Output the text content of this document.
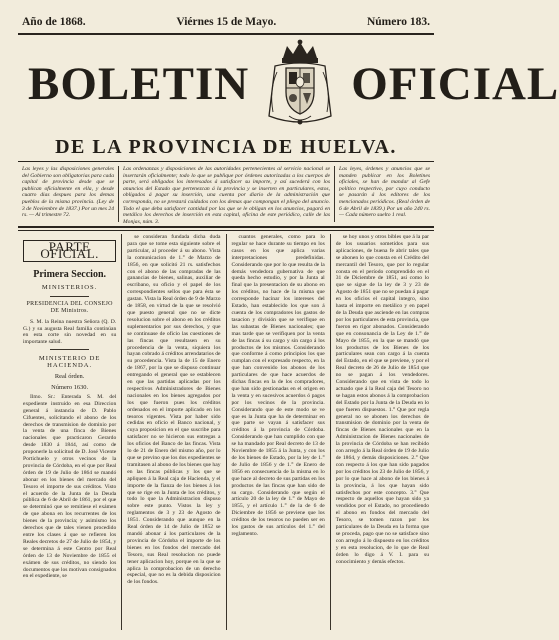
Año de 1868.	Viérnes 15 de Mayo.	Número 183.
BOLETIN OFICIAL
DE LA PROVINCIA DE HUELVA.
Las leyes y las disposiciones generales del Gobierno son obligatorias para cada capital de provincia desde que se publican oficialmente en ella, y desde cuatro dias despues para los demas pueblos de la misma provincia. (Ley de 3 de Noviembre de 1837.) Por un mes 24 rs. — Al trimestre 72.
Las ordenanzas y disposiciones de las autoridades pertenecientes al servicio nacional se insertarán oficialmente; todo lo que se publique por órdenes autorizadas a los cuerpos de parte, será obligados los interesados á satisfacer su importe, y así sucederá con los anuncios del Estado que pertenezcan á la provincia y se inserten en particulares, estos, obligados á pagar su inserción, una cuenta por diario de la administración que corresponda, no se prestará cuidados con los demas que compongan el pliego del anuncio. Todo el que deba satisfacer cantidad por las que se le obligan en los anuncios, pagará en metálico los derechos de inserción en esta capital, oficina de este periódico, calle de las Monjas, núm. 3.
Las leyes, órdenes y anuncios que se manden publicar en los Boletines oficiales, se han de mandar al Gefe político respectivo, por cuyo conducto se pasarán á los editores de los mencionados periódicos. (Real órden de 6 de Abril de 1839.) Por un año 240 rs. — Cada número suelto 1 real.
PARTE OFICIAL.
Primera Seccion.
MINISTERIOS.
PRESIDENCIA DEL CONSEJO DE Ministros.

S. M. la Reina nuestra Señora (Q. D. G.) y su augusta Real familia continúan en esta corte sin novedad en su importante salud.

MINISTERIO DE HACIENDA.
Real órden.
Número 1630.

Ilmo. Sr.: Enterada S. M. del expediente instruido en esa Direccion general á instancia de D. Pablo Cifuentes, solicitando el abono de los derechos de transmision de dominio por la venta de una finca de Bienes nacionales que practicaron Gerardo desde 1830 á 1844, así como de proponerle la solicitud de D. José Vicente Portichuelo y otros vecinos de la provincia de Córdoba, en el que por Real órden de 19 de Julio de 1864 se mandó abonar en los bienes del mercado del Tesoro el importe de sus créditos. Visto el acuerdo de la Junta de la Deuda pública de 6 de Abril de 1861, por el que se determinó que se remitiese el exámen de que abona en los recurrentes de los bienes de la provincia; y asimismo los derechos que de tales vienen procedido entre los clases á que se refieren los Reales decretos de 27 de Julio de 1854, y se determina á este Centro por Real órden de 13 de Noviembre de 1855 el exámen de sus créditos, no siendo los documentos que los motivan consignados en el expediente, se

se consideran fundada dicha duda para que se tome esta siguiente sobre el particular, al proceder á su abono. Vista la comunicacion de 1.° de Marzo de 1856, en que solicitó 21 rs. satisfechos con el abono de las compradas de las ganancias de bienes, salinas, auxiliar de escribano, su oficio y el papel de los correspondientes sellos que para ésta se gastan. Vista la Real órden de 9 de Marzo de 1858, en virtud de la que se resolvió que puesto general que no se dicte resolucion sobre el abono en los créditos suplementarios por sus derechos, y que se continuase de oficio las cuestiones de las fincas que resultasen en su procedencia de la venta, siquiera los hayan cobrado á créditos arrendatarios de su procedencia. Vista la de 15 de Enero de 1867, por la que se dispuso continuar entregando el general que se establecen en que las partidas aplicadas por los respectivos Administradores de Bienes nacionales en los bienes agregados por los que fueron pues los créditos ordenados en el importe aplicado en los tesoros vigentes. Vista por haber sido cedidas en oficio el Banco nacional, y cuya proposicion en el que suscribe para satisfacer no se hicieron sus entregas a los oficios del Banco de las fincas. Vista lo de 21 de Enero del mismo año, por lo que se previno que los dos expedientes se tramitasen al abono de los bienes que hay en las fincas públicas y los que se apliquen á la Real caja de Hacienda, y el importe de la fianza de los bienes á los que se rige en la Junta de los créditos, y todo lo que la Administracion dispuso sobre este punto. Vistos la ley y reglamentos de 3 y 23 de Agosto de 1851. Considerando que aunque en la Real órden de 14 de Julio de 1852 se mandó abonar á los particulares de la provincia de Córdoba el importe de los bienes en los fondos del mercado del Tesoro, sus Real resolucion no puede tener aplicacion hoy, porque en la que se aplica la comprobacion de un derecho especial, que no es la debida disposicion de los fondos.

cuantos generales, como para lo regular se hace durante su tiempo en los casos en los que aplica varias interpretaciones predefinidas. Considerando que por lo que resulta de la demás vendedora gubernativa de que queda hecho estudio, y por la Junta al final que la presentacion de su abono en los créditos, no hace de la misma que corresponde hacinar los intereses del Estado, han establecido los que son á cuenta de los compradores los gastos de tasacion y división que se verifique en las subastas de Bienes nacionales; que mas tarde que se verifiquen por la venta de las fincas á su cargo y sin cargo á los productos de los mismos. Considerando que conforme á como principios los que cumplan con el expresado respecto, en la que han convenido los abonos de los particulares de que hace acuerdos de dichas fincas en la de los compradores, que han sido gestionadas en el origen en la venta y en sucesivos acuerdos ó pagos por los vecinos de la provincia. Considerando que de este modo se ve que es la Junta que ha de determinar en que parte se vayan á satisfacer sus créditos á la provincia de Córdoba. Considerando que han cumplido con que se ha mandado por Real decreto de 13 de Noviembre de 1855 á la Junta, y con los de los bienes de Estado, por la ley de 1.° de Julio de 1856 y de 1.° de Enero de 1856 en consecuencia de la misma en lo que hace al decreto de sus partidas en los productos de las fincas que han sido de su cargo. Considerando que según el artículo 20 de la ley de 1.° de Mayo de 1855, y el artículo 1.° de la de 6 de Diciembre de 1856 se previene que los créditos de los tesoros no pueden ser en los gastos de sus artículos del 1.° del reglamento.

se hoy unos y otros bibles que á la par de los usuarios sometidos para sus aplicaciones, de buena fe abrir tales que se abonen lo que consta en el Crédito del mercantil del Tesoro, que por lo regular consta en el período comprendido en el 31 de Diciembre de 1851, así como lo que se sigue de la ley de 3 y 23 de Agosto de 1851 que no se puedan á pagar en los oficios el capital integro, sino hasta el importe en metálico y en papel de la Deuda que asciende en las compras por los particulares de esta provincia, que fueron en rigor abonados. Considerando que en consonancia de la Ley de 1.° de Mayo de 1855, en la que se mandó que los productos de los Bienes de los particulares sean con cargo á la cuenta del Estado, en el que se previene, y por el Real decreto de 26 de Julio de 1854 que no se pagan á los vendedores. Considerando que en vista de todo lo actuado que á la Real caja del Tesoro no se hagan estos abonos á la comprobacion del Estado por la Junta de la Deuda en lo que fueren dispuestos. 1.° Que por regla general no se abonen los derechos de transmision de dominio por la venta de fincas de Bienes nacionales que en la Administracion de Bienes nacionales de la provincia de Córdoba se han recibido con arreglo á la Real órden de 19 de Julio de 1864, y demás disposiciones. 2.° Que con respecto á los que han sido pagados por los créditos los 23 de Julio de 1856, y por lo que hace al abono de los bienes á la provincia, á los que hayan sido satisfechos por este concepto. 3.° Que respecto de aquellos que hayan sido ya vendidos por el Estado, no procediendo el abono en fondos del mercado del Tesoro, se tomen razon por los particulares de la Deuda en la forma que se proceda, pago que no se satisface sino con arreglo á lo dispuesto en los créditos y en esta resolucion, de lo que de Real órden lo digo á V. I. para su conocimiento y demás efectos.
